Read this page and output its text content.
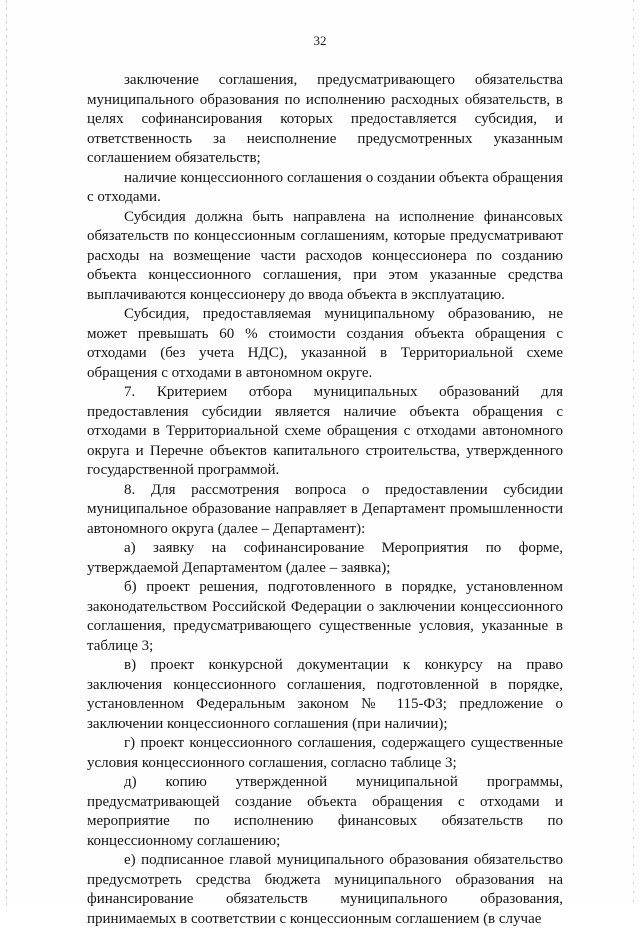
32

заключение соглашения, предусматривающего обязательства муниципального образования по исполнению расходных обязательств, в целях софинансирования которых предоставляется субсидия, и ответственность за неисполнение предусмотренных указанным соглашением обязательств;

наличие концессионного соглашения о создании объекта обращения с отходами.

Субсидия должна быть направлена на исполнение финансовых обязательств по концессионным соглашениям, которые предусматривают расходы на возмещение части расходов концессионера по созданию объекта концессионного соглашения, при этом указанные средства выплачиваются концессионеру до ввода объекта в эксплуатацию.

Субсидия, предоставляемая муниципальному образованию, не может превышать 60 % стоимости создания объекта обращения с отходами (без учета НДС), указанной в Территориальной схеме обращения с отходами в автономном округе.

7. Критерием отбора муниципальных образований для предоставления субсидии является наличие объекта обращения с отходами в Территориальной схеме обращения с отходами автономного округа и Перечне объектов капитального строительства, утвержденного государственной программой.

8. Для рассмотрения вопроса о предоставлении субсидии муниципальное образование направляет в Департамент промышленности автономного округа (далее – Департамент):

а) заявку на софинансирование Мероприятия по форме, утверждаемой Департаментом (далее – заявка);

б) проект решения, подготовленного в порядке, установленном законодательством Российской Федерации о заключении концессионного соглашения, предусматривающего существенные условия, указанные в таблице 3;

в) проект конкурсной документации к конкурсу на право заключения концессионного соглашения, подготовленной в порядке, установленном Федеральным законом № 115-ФЗ; предложение о заключении концессионного соглашения (при наличии);

г) проект концессионного соглашения, содержащего существенные условия концессионного соглашения, согласно таблице 3;

д) копию утвержденной муниципальной программы, предусматривающей создание объекта обращения с отходами и мероприятие по исполнению финансовых обязательств по концессионному соглашению;

е) подписанное главой муниципального образования обязательство предусмотреть средства бюджета муниципального образования на финансирование обязательств муниципального образования, принимаемых в соответствии с концессионным соглашением (в случае
